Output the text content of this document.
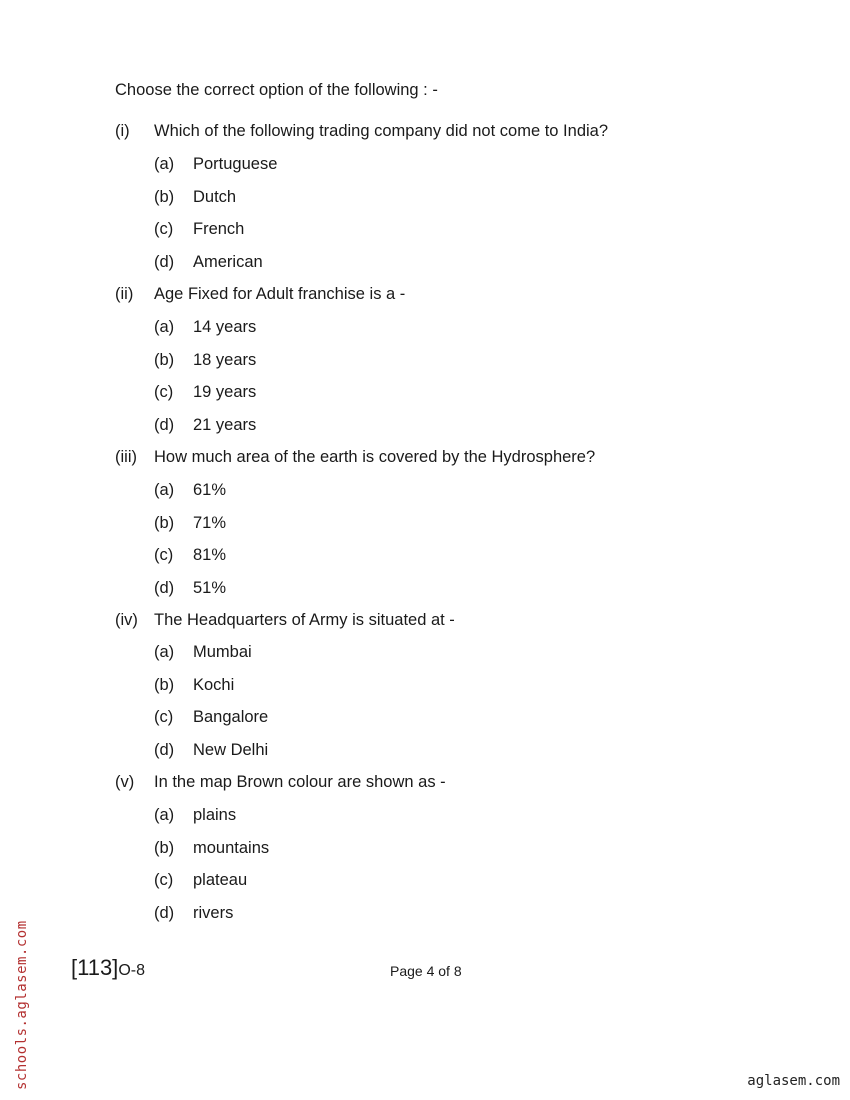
Choose the correct option of the following : -
(i) Which of the following trading company did not come to India?
(a) Portuguese
(b) Dutch
(c) French
(d) American
(ii) Age Fixed for Adult franchise is a -
(a) 14 years
(b) 18 years
(c) 19 years
(d) 21 years
(iii) How much area of the earth is covered by the Hydrosphere?
(a) 61%
(b) 71%
(c) 81%
(d) 51%
(iv) The Headquarters of Army is situated at -
(a) Mumbai
(b) Kochi
(c) Bangalore
(d) New Delhi
(v) In the map Brown colour are shown as -
(a) plains
(b) mountains
(c) plateau
(d) rivers
[113]O-8	Page 4 of 8
schools.aglasem.com	aglasem.com
